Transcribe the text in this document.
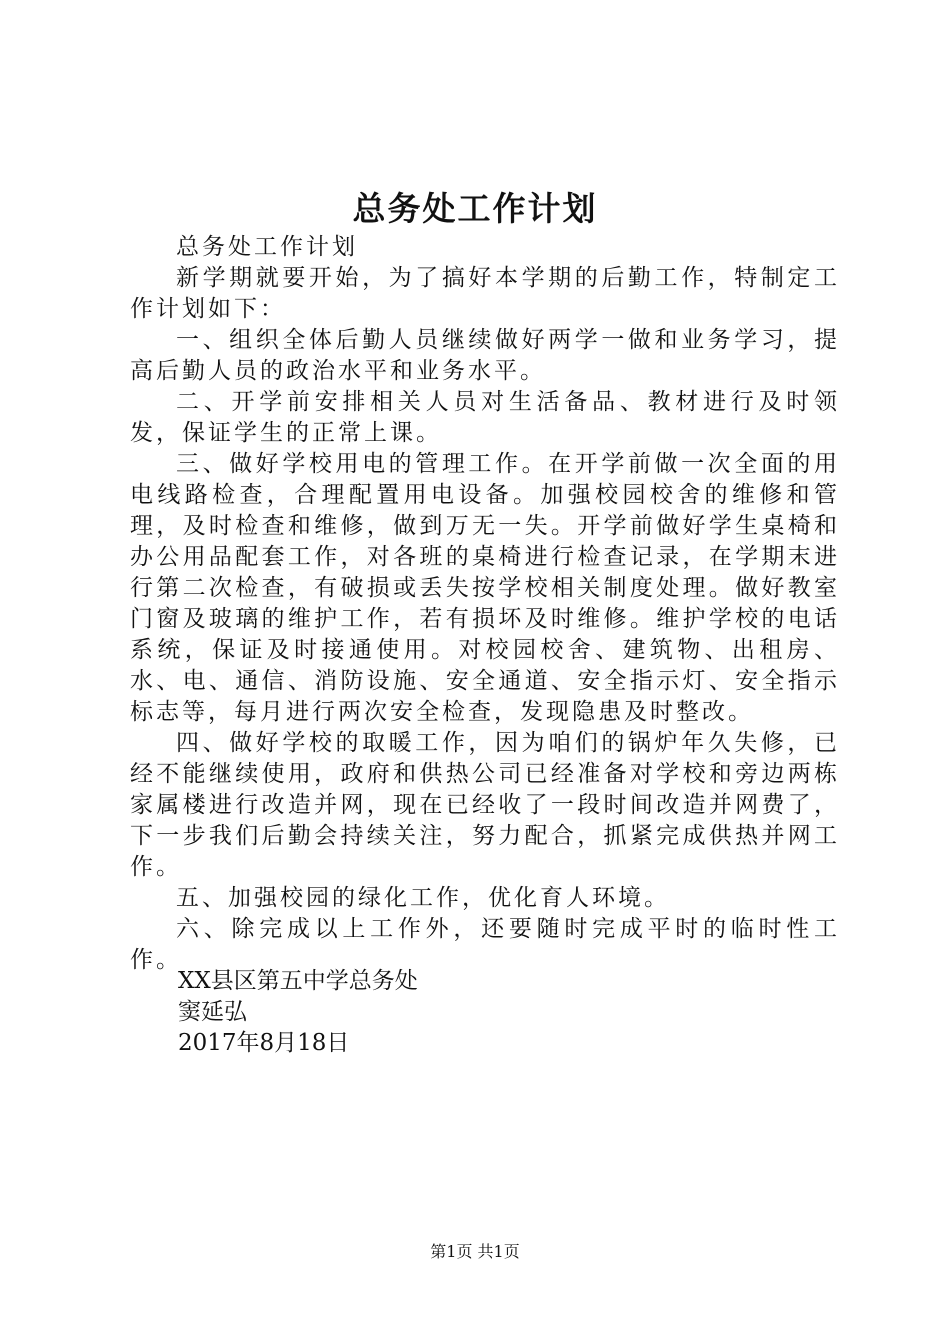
总务处工作计划

总务处工作计划

新学期就要开始，为了搞好本学期的后勤工作，特制定工作计划如下：

一、组织全体后勤人员继续做好两学一做和业务学习，提高后勤人员的政治水平和业务水平。

二、开学前安排相关人员对生活备品、教材进行及时领发，保证学生的正常上课。

三、做好学校用电的管理工作。在开学前做一次全面的用电线路检查，合理配置用电设备。加强校园校舍的维修和管理，及时检查和维修，做到万无一失。开学前做好学生桌椅和办公用品配套工作，对各班的桌椅进行检查记录，在学期末进行第二次检查，有破损或丢失按学校相关制度处理。做好教室门窗及玻璃的维护工作，若有损坏及时维修。维护学校的电话系统，保证及时接通使用。对校园校舍、建筑物、出租房、水、电、通信、消防设施、安全通道、安全指示灯、安全指示标志等，每月进行两次安全检查，发现隐患及时整改。

四、做好学校的取暖工作，因为咱们的锅炉年久失修，已经不能继续使用，政府和供热公司已经准备对学校和旁边两栋家属楼进行改造并网，现在已经收了一段时间改造并网费了，下一步我们后勤会持续关注，努力配合，抓紧完成供热并网工作。

五、加强校园的绿化工作，优化育人环境。

六、除完成以上工作外，还要随时完成平时的临时性工作。

XX县区第五中学总务处
窦延弘
2017年8月18日
第1页 共1页
